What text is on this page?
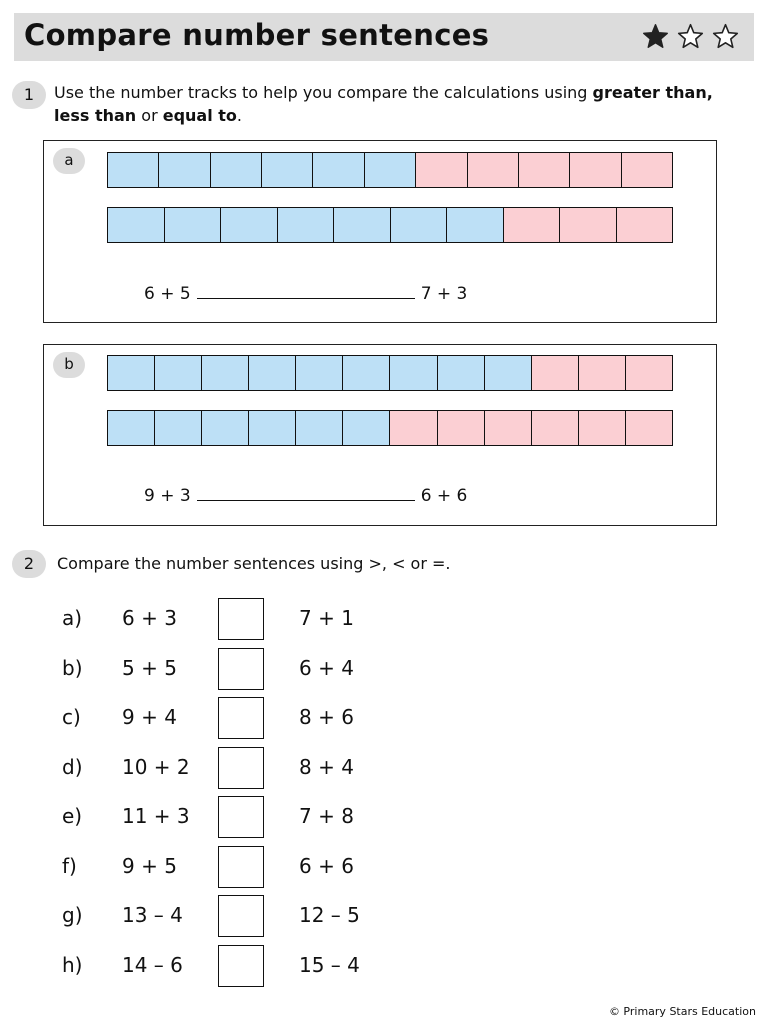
Compare number sentences
1	Use the number tracks to help you compare the calculations using greater than,
less than or equal to.
a
6 + 5	7 + 3
b
9 + 3	6 + 6
2	Compare the number sentences using >, < or =.
a) 6 + 3	7 + 1
b) 5 + 5	6 + 4
c) 9 + 4	8 + 6
d) 10 + 2	8 + 4
e) 11 + 3	7 + 8
f) 9 + 5	6 + 6
g) 13 – 4	12 – 5
h) 14 – 6	15 – 4
© Primary Stars Education
